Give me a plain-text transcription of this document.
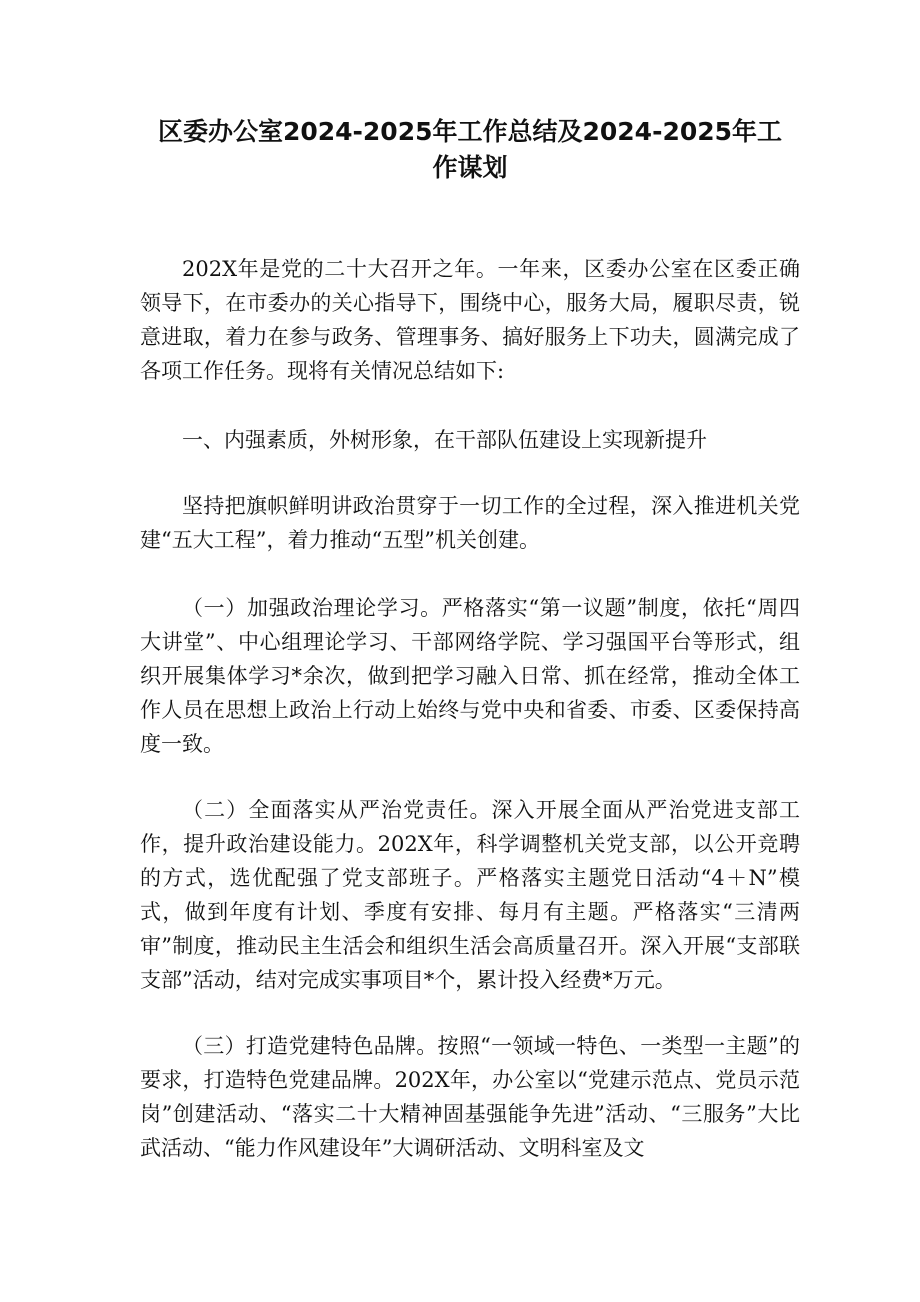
区委办公室2024-2025年工作总结及2024-2025年工作谋划

202X年是党的二十大召开之年。一年来，区委办公室在区委正确领导下，在市委办的关心指导下，围绕中心，服务大局，履职尽责，锐意进取，着力在参与政务、管理事务、搞好服务上下功夫，圆满完成了各项工作任务。现将有关情况总结如下:

一、内强素质，外树形象，在干部队伍建设上实现新提升

坚持把旗帜鲜明讲政治贯穿于一切工作的全过程，深入推进机关党建“五大工程”，着力推动“五型”机关创建。

（一）加强政治理论学习。严格落实“第一议题”制度，依托“周四大讲堂”、中心组理论学习、干部网络学院、学习强国平台等形式，组织开展集体学习*余次，做到把学习融入日常、抓在经常，推动全体工作人员在思想上政治上行动上始终与党中央和省委、市委、区委保持高度一致。

（二）全面落实从严治党责任。深入开展全面从严治党进支部工作，提升政治建设能力。202X年，科学调整机关党支部，以公开竞聘的方式，选优配强了党支部班子。严格落实主题党日活动“4＋N”模式，做到年度有计划、季度有安排、每月有主题。严格落实“三清两审”制度，推动民主生活会和组织生活会高质量召开。深入开展“支部联支部”活动，结对完成实事项目*个，累计投入经费*万元。

（三）打造党建特色品牌。按照“一领域一特色、一类型一主题”的要求，打造特色党建品牌。202X年，办公室以“党建示范点、党员示范岗”创建活动、“落实二十大精神固基强能争先进”活动、“三服务”大比武活动、“能力作风建设年”大调研活动、文明科室及文
